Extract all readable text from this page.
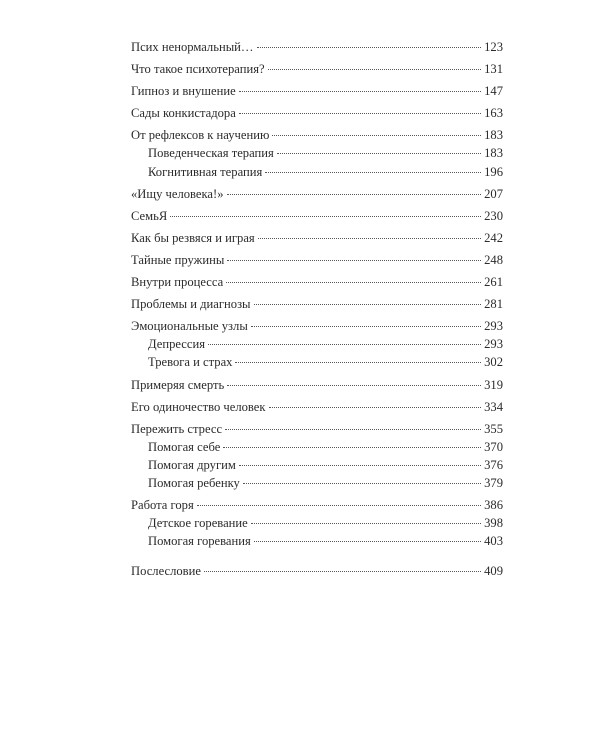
Псих ненормальный…	123
Что такое психотерапия?	131
Гипноз и внушение	147
Сады конкистадора	163
От рефлексов к научению	183
Поведенческая терапия	183
Когнитивная терапия	196
«Ищу человека!»	207
СемьЯ	230
Как бы резвяся и играя	242
Тайные пружины	248
Внутри процесса	261
Проблемы и диагнозы	281
Эмоциональные узлы	293
Депрессия	293
Тревога и страх	302
Примеряя смерть	319
Его одиночество человек	334
Пережить стресс	355
Помогая себе	370
Помогая другим	376
Помогая ребенку	379
Работа горя	386
Детское горевание	398
Помогая горевания	403
Послесловие	409
